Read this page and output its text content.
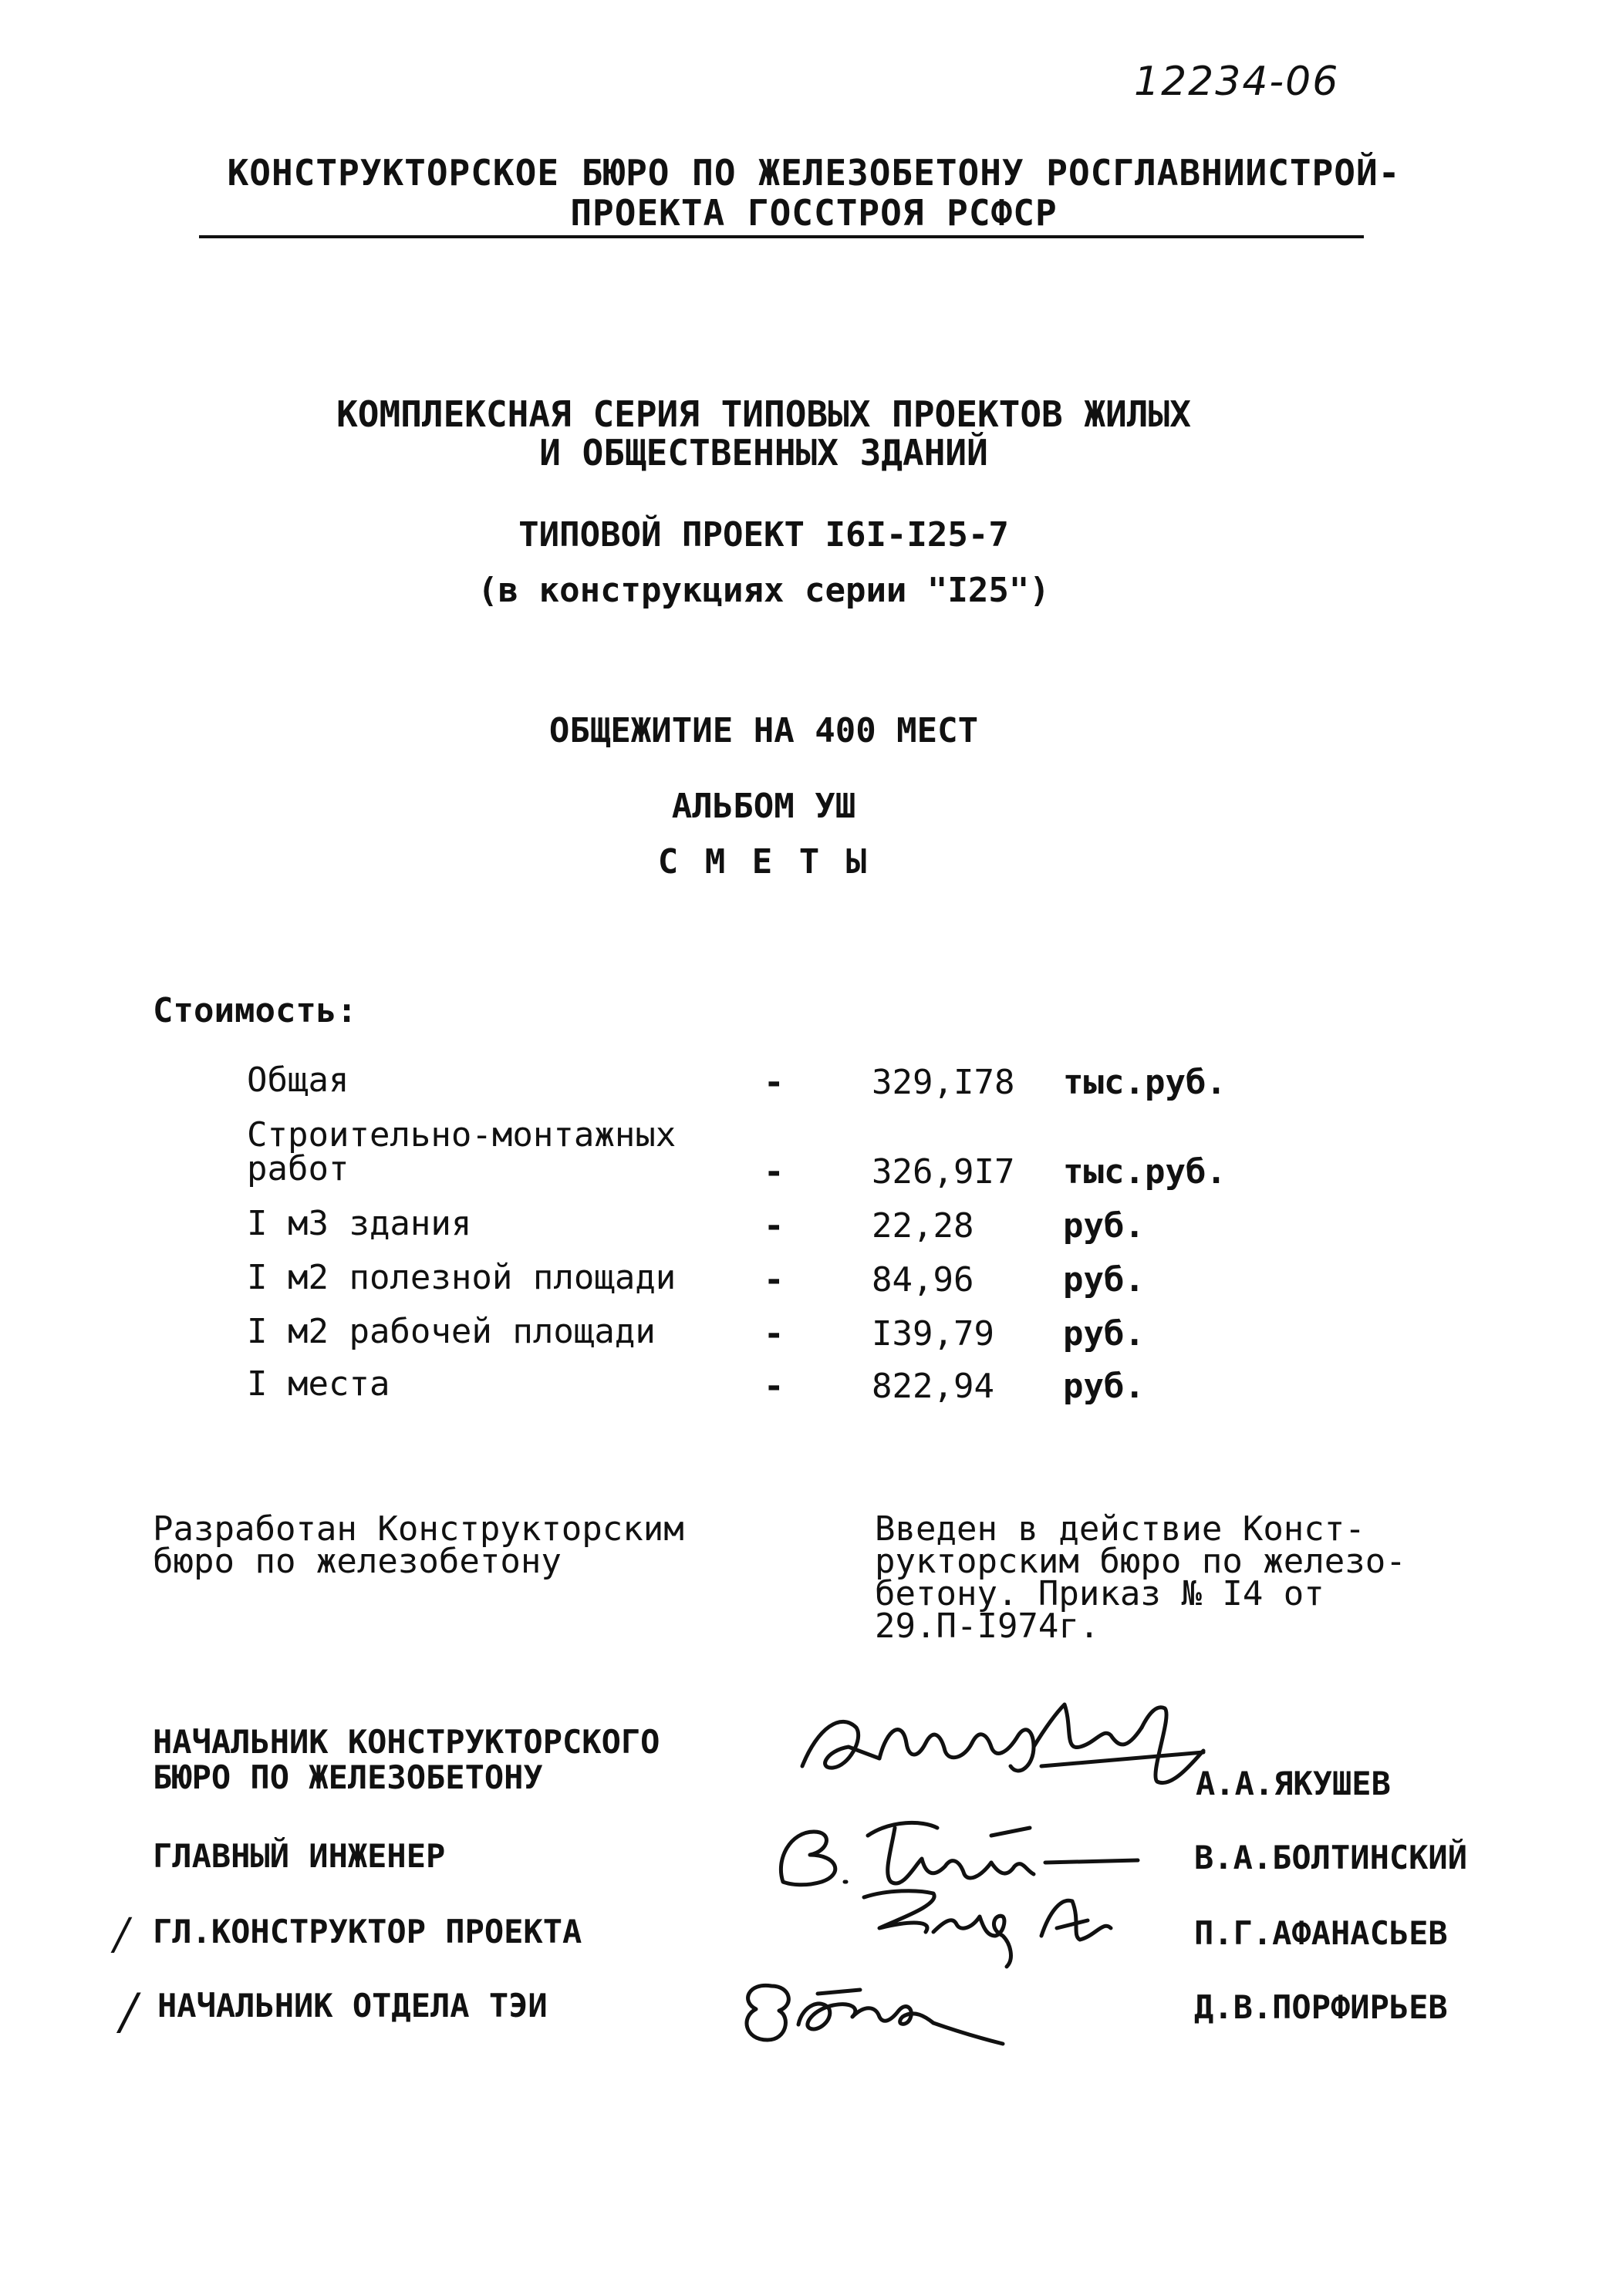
12234-06
КОНСТРУКТОРСКОЕ БЮРО ПО ЖЕЛЕЗОБЕТОНУ РОСГЛАВНИИСТРОЙ-
ПРОЕКТА ГОССТРОЯ РСФСР
КОМПЛЕКСНАЯ СЕРИЯ ТИПОВЫХ ПРОЕКТОВ ЖИЛЫХ
И ОБЩЕСТВЕННЫХ ЗДАНИЙ
ТИПОВОЙ ПРОЕКТ I6I-I25-7
(в конструкциях серии "I25")
ОБЩЕЖИТИЕ НА 400 МЕСТ
АЛЬБОМ УШ
С М Е Т Ы
Стоимость:
Общая	-	329,I78 тыс.руб.
Строительно-монтажных
работ	-	326,9I7 тыс.руб.
I м3 здания	-	22,28	руб.
I м2 полезной площади	-	84,96	руб.
I м2 рабочей площади	-	I39,79 руб.
I места	-	822,94 руб.
Разработан Конструкторским
бюро по железобетону
Введен в действие Конст-
рукторским бюро по железо-
бетону. Приказ № I4 от
29.П-I974г.
НАЧАЛЬНИК КОНСТРУКТОРСКОГО
БЮРО ПО ЖЕЛЕЗОБЕТОНУ	А.А.ЯКУШЕВ
ГЛАВНЫЙ ИНЖЕНЕР	В.А.БОЛТИНСКИЙ
ГЛ.КОНСТРУКТОР ПРОЕКТА	П.Г.АФАНАСЬЕВ
НАЧАЛЬНИК ОТДЕЛА ТЭИ	Д.В.ПОРФИРЬЕВ
/
/
